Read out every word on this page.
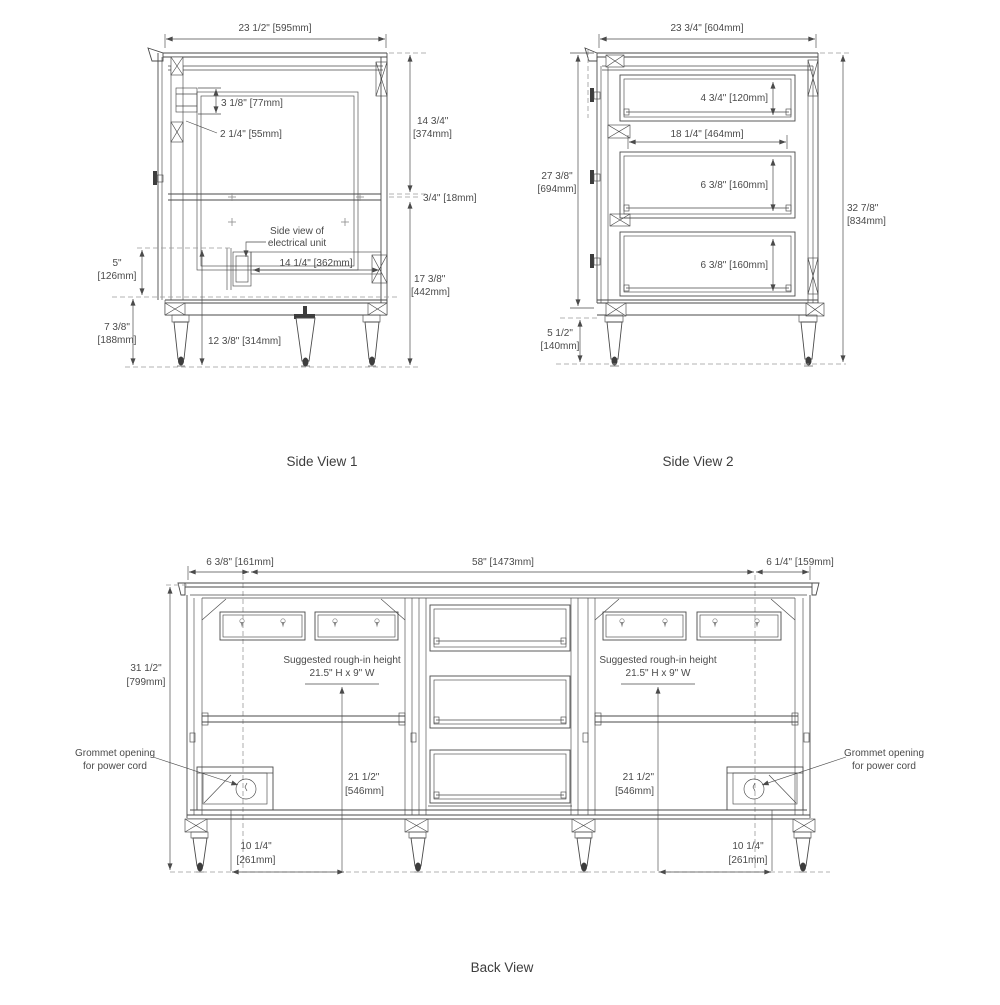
23 1/2" [595mm]
3 1/8" [77mm]
2 1/4" [55mm]
3/4" [18mm]
14 3/4"
[374mm]
Side view of
electrical unit
14 1/4" [362mm]
5"
[126mm]	17 3/8"
[442mm]
7 3/8"
[188mm]	12 3/8" [314mm]
Side View 1
23 3/4" [604mm]
4 3/4" [120mm]
18 1/4" [464mm]
6 3/8" [160mm]
6 3/8" [160mm]
27 3/8"
[694mm]
32 7/8"
[834mm]
5 1/2"
[140mm]
Side View 2
6 3/8" [161mm]	58" [1473mm]	6 1/4" [159mm]
Suggested rough-in height
21.5" H x 9" W
Suggested rough-in height
21.5" H x 9" W
Grommet opening
for power cord
Grommet opening
for power cord
21 1/2"
[546mm]
21 1/2"
[546mm]
31 1/2"
[799mm]
10 1/4"
[261mm]
10 1/4"
[261mm]
Back View
